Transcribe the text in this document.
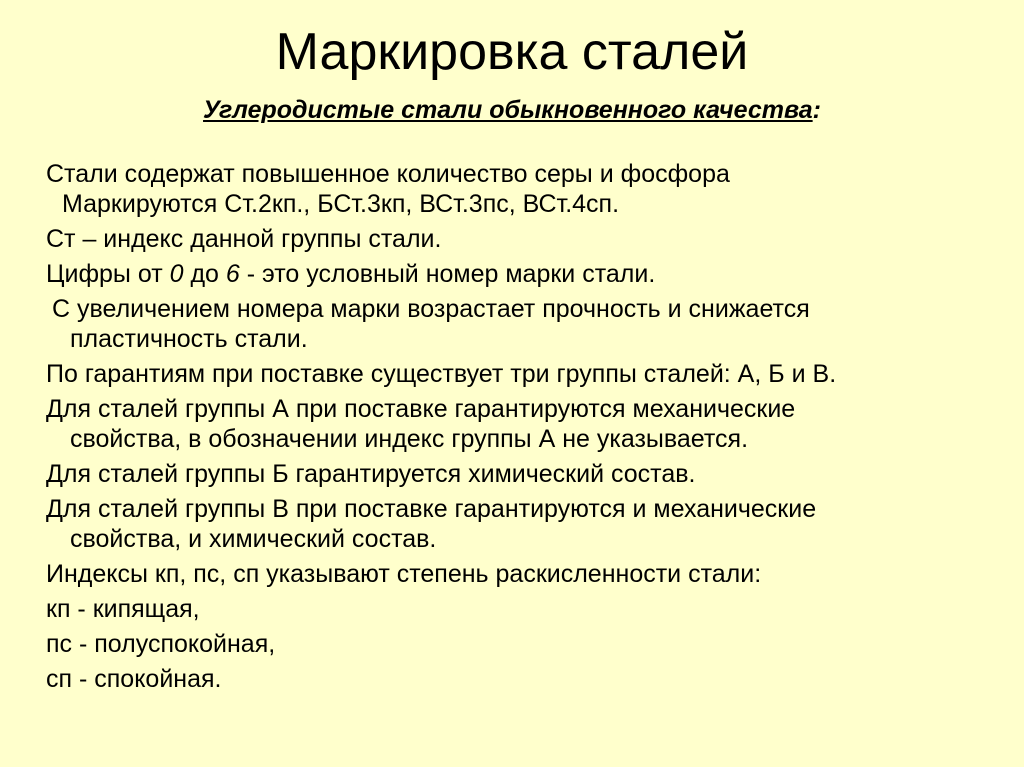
Маркировка сталей
Углеродистые стали обыкновенного качества:
Стали содержат повышенное количество серы и фосфора
Маркируются Ст.2кп., БСт.3кп, ВСт.3пс, ВСт.4сп.
Ст – индекс данной группы стали.
Цифры от 0 до 6 - это условный номер марки стали.
С увеличением номера марки возрастает прочность и снижается
пластичность стали.
По гарантиям при поставке существует три группы сталей: А, Б и В.
Для сталей группы А при поставке гарантируются механические
свойства, в обозначении индекс группы А не указывается.
Для сталей группы Б гарантируется химический состав.
Для сталей группы В при поставке гарантируются и механические
свойства, и химический состав.
Индексы кп, пс, сп указывают степень раскисленности стали:
кп - кипящая,
пс - полуспокойная,
сп - спокойная.
